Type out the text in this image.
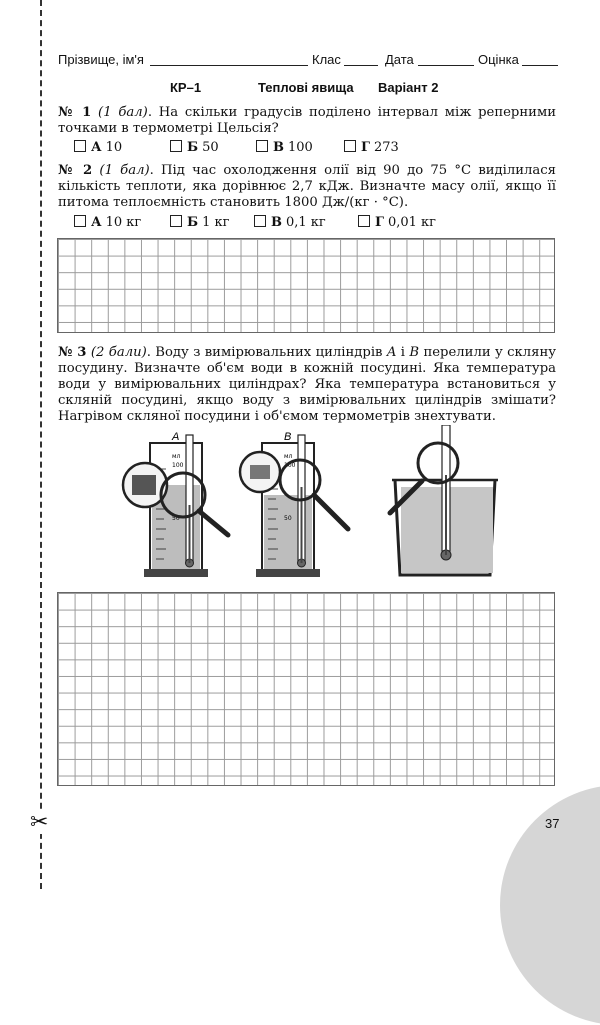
✂
Прізвище, ім'я	Клас	Дата	Оцінка
КР–1	Теплові явища Варіант 2
№ 1 (1 бал). На скільки градусів поділено інтервал між реперними точками в термометрі Цельсія?
А 10	Б 50	В 100	Г 273
№ 2 (1 бал). Під час охолодження олії від 90 до 75 °С виділилася кількість теплоти, яка дорівнює 2,7 кДж. Визначте масу олії, якщо її питома теплоємність становить 1800 Дж/(кг · °С).
А 10 кг	Б 1 кг	В 0,1 кг	Г 0,01 кг
№ 3 (2 бали). Воду з вимірювальних циліндрів A і B перелили у скляну посудину. Визначте об'єм води в кожній посудині. Яка температура води у вимірювальних циліндрах? Яка температура встановиться у скляній посудині, якщо воду з вимірювальних циліндрів змішати? Нагрівом скляної посудини і об'ємом термометрів знехтувати.
A
мл
100
50
B
мл
100
50
37
